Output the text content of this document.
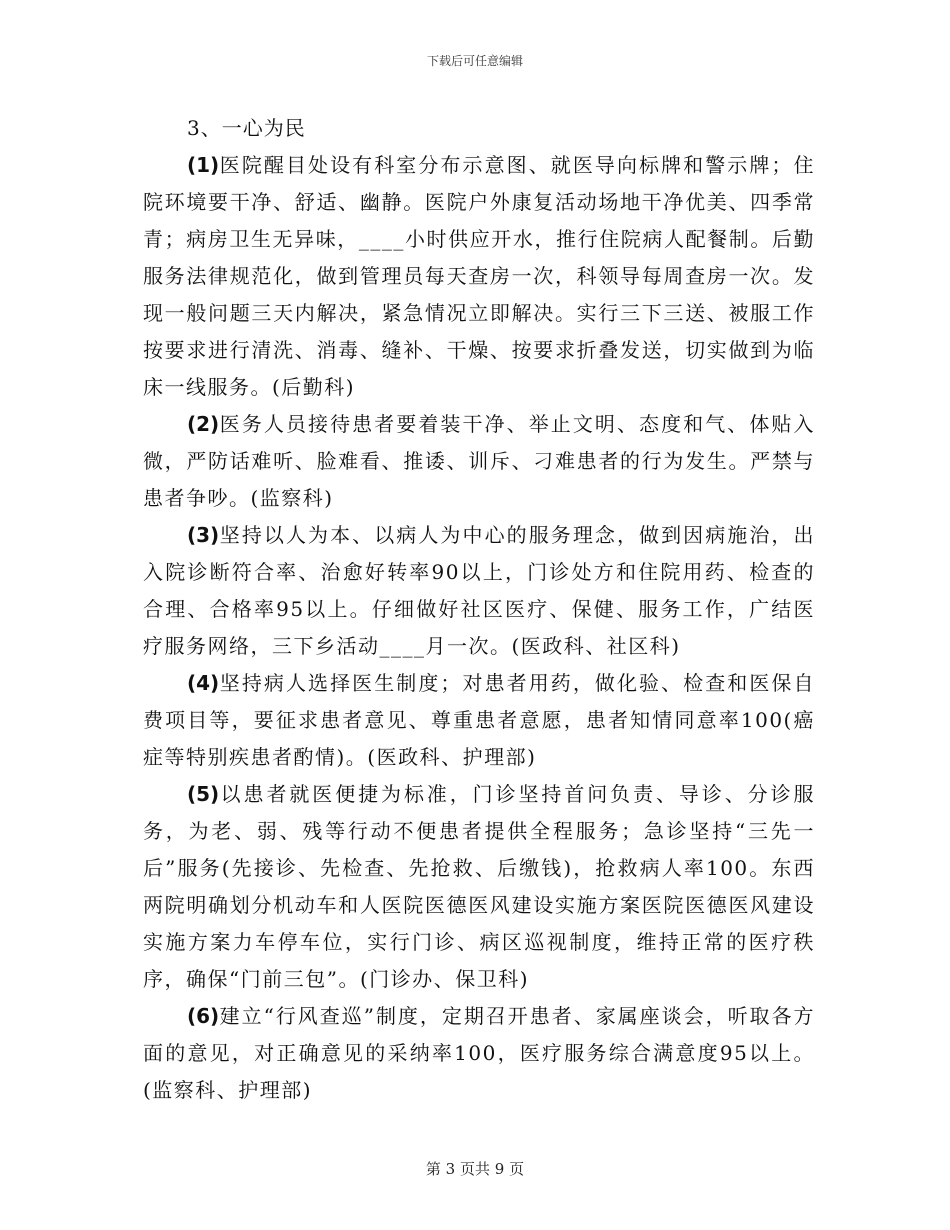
下载后可任意编辑

3、一心为民

(1)医院醒目处设有科室分布示意图、就医导向标牌和警示牌；住院环境要干净、舒适、幽静。医院户外康复活动场地干净优美、四季常青；病房卫生无异味，____小时供应开水，推行住院病人配餐制。后勤服务法律规范化，做到管理员每天查房一次，科领导每周查房一次。发现一般问题三天内解决，紧急情况立即解决。实行三下三送、被服工作按要求进行清洗、消毒、缝补、干燥、按要求折叠发送，切实做到为临床一线服务。(后勤科)

(2)医务人员接待患者要着装干净、举止文明、态度和气、体贴入微，严防话难听、脸难看、推诿、训斥、刁难患者的行为发生。严禁与患者争吵。(监察科)

(3)坚持以人为本、以病人为中心的服务理念，做到因病施治，出入院诊断符合率、治愈好转率90以上，门诊处方和住院用药、检查的合理、合格率95以上。仔细做好社区医疗、保健、服务工作，广结医疗服务网络，三下乡活动____月一次。(医政科、社区科)

(4)坚持病人选择医生制度；对患者用药，做化验、检查和医保自费项目等，要征求患者意见、尊重患者意愿，患者知情同意率100(癌症等特别疾患者酌情)。(医政科、护理部)

(5)以患者就医便捷为标准，门诊坚持首问负责、导诊、分诊服务，为老、弱、残等行动不便患者提供全程服务；急诊坚持“三先一后”服务(先接诊、先检查、先抢救、后缴钱)，抢救病人率100。东西两院明确划分机动车和人医院医德医风建设实施方案医院医德医风建设实施方案力车停车位，实行门诊、病区巡视制度，维持正常的医疗秩序，确保“门前三包”。(门诊办、保卫科)

(6)建立“行风查巡”制度，定期召开患者、家属座谈会，听取各方面的意见，对正确意见的采纳率100，医疗服务综合满意度95以上。(监察科、护理部)

第 3 页共 9 页
